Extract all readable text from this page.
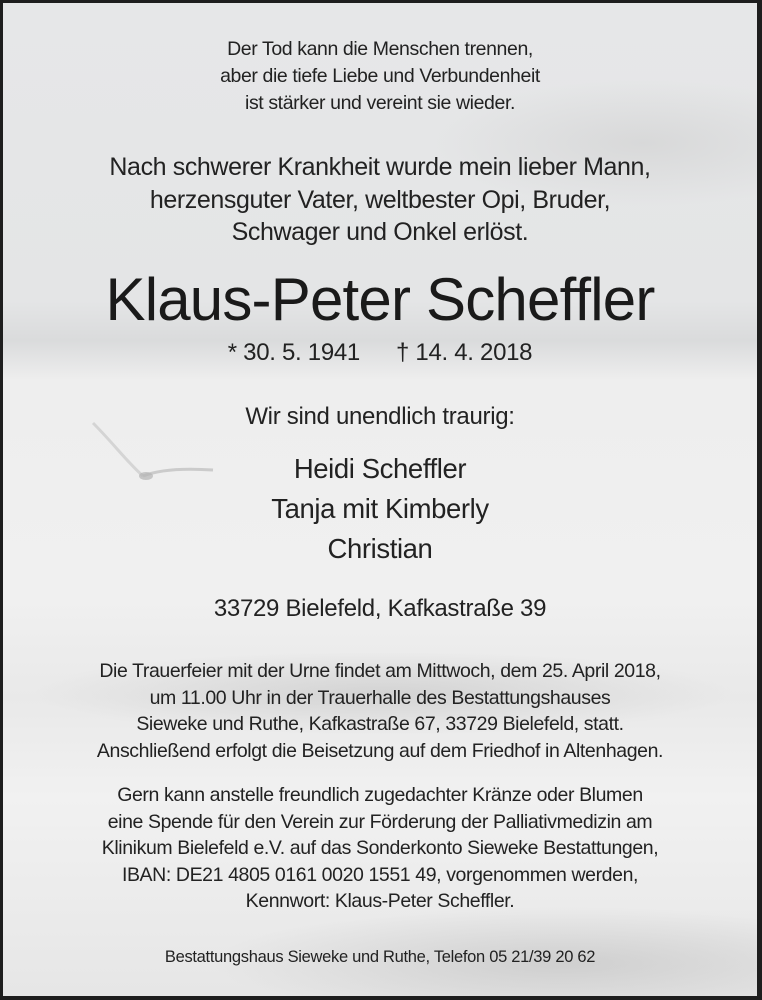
Der Tod kann die Menschen trennen,
aber die tiefe Liebe und Verbundenheit
ist stärker und vereint sie wieder.
Nach schwerer Krankheit wurde mein lieber Mann,
herzensguter Vater, weltbester Opi, Bruder,
Schwager und Onkel erlöst.
Klaus-Peter Scheffler
* 30. 5. 1941 † 14. 4. 2018
Wir sind unendlich traurig:
Heidi Scheffler
Tanja mit Kimberly
Christian
33729 Bielefeld, Kafkastraße 39
Die Trauerfeier mit der Urne findet am Mittwoch, dem 25. April 2018,
um 11.00 Uhr in der Trauerhalle des Bestattungshauses
Sieweke und Ruthe, Kafkastraße 67, 33729 Bielefeld, statt.
Anschließend erfolgt die Beisetzung auf dem Friedhof in Altenhagen.
Gern kann anstelle freundlich zugedachter Kränze oder Blumen
eine Spende für den Verein zur Förderung der Palliativmedizin am
Klinikum Bielefeld e.V. auf das Sonderkonto Sieweke Bestattungen,
IBAN: DE21 4805 0161 0020 1551 49, vorgenommen werden,
Kennwort: Klaus-Peter Scheffler.
Bestattungshaus Sieweke und Ruthe, Telefon 05 21/39 20 62
